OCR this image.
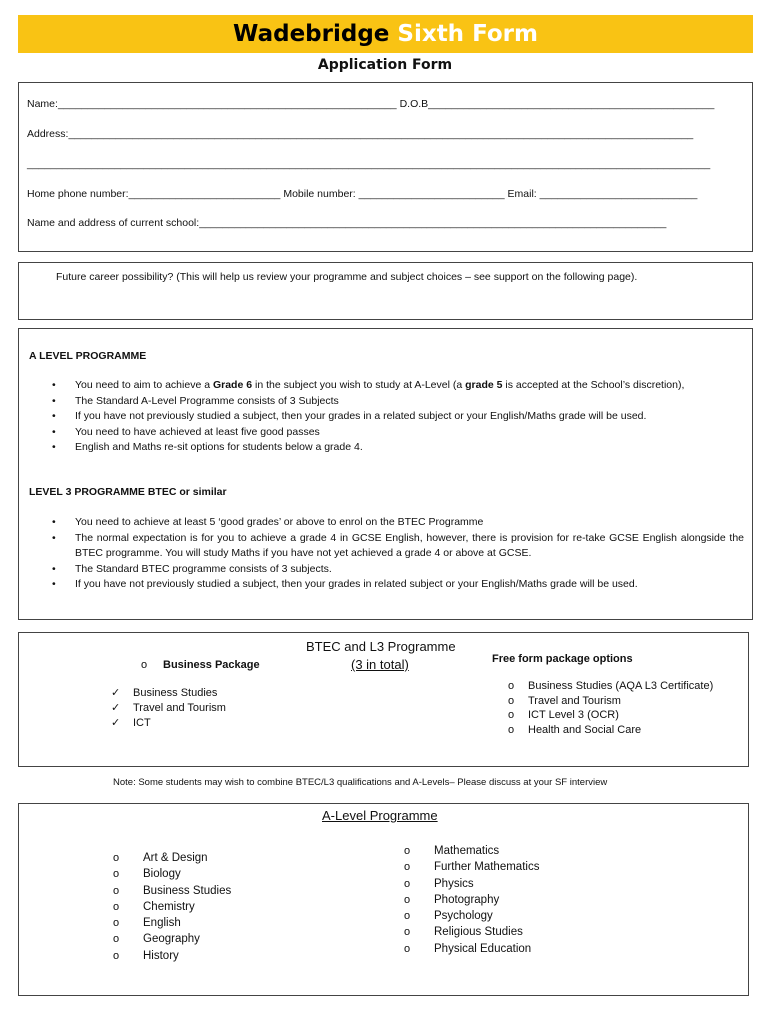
Wadebridge Sixth Form
Application Form
Name:__________________________________________________________ D.O.B_________________________________________________
Address:___________________________________________________________________________________________________________
_____________________________________________________________________________________________________________________
Home phone number:__________________________ Mobile number: _________________________ Email: ___________________________
Name and address of current school:________________________________________________________________________________
Future career possibility? (This will help us review your programme and subject choices – see support on the following page).
A LEVEL PROGRAMME
• You need to aim to achieve a Grade 6 in the subject you wish to study at A-Level (a grade 5 is accepted at the School’s discretion),
• The Standard A-Level Programme consists of 3 Subjects
• If you have not previously studied a subject, then your grades in a related subject or your English/Maths grade will be used.
• You need to have achieved at least five good passes
• English and Maths re-sit options for students below a grade 4.
LEVEL 3 PROGRAMME BTEC or similar
• You need to achieve at least 5 ‘good grades’ or above to enrol on the BTEC Programme
• The normal expectation is for you to achieve a grade 4 in GCSE English, however, there is provision for re-take GCSE English alongside the BTEC programme. You will study Maths if you have not yet achieved a grade 4 or above at GCSE.
• The Standard BTEC programme consists of 3 subjects.
• If you have not previously studied a subject, then your grades in related subject or your English/Maths grade will be used.
BTEC and L3 Programme
(3 in total)
o Business Package
✓ Business Studies
✓ Travel and Tourism
✓ ICT
Free form package options
o Business Studies (AQA L3 Certificate)
o Travel and Tourism
o ICT Level 3 (OCR)
o Health and Social Care
Note: Some students may wish to combine BTEC/L3 qualifications and A-Levels– Please discuss at your SF interview
A-Level Programme
o Art & Design
o Biology
o Business Studies
o Chemistry
o English
o Geography
o History
o Mathematics
o Further Mathematics
o Physics
o Photography
o Psychology
o Religious Studies
o Physical Education
